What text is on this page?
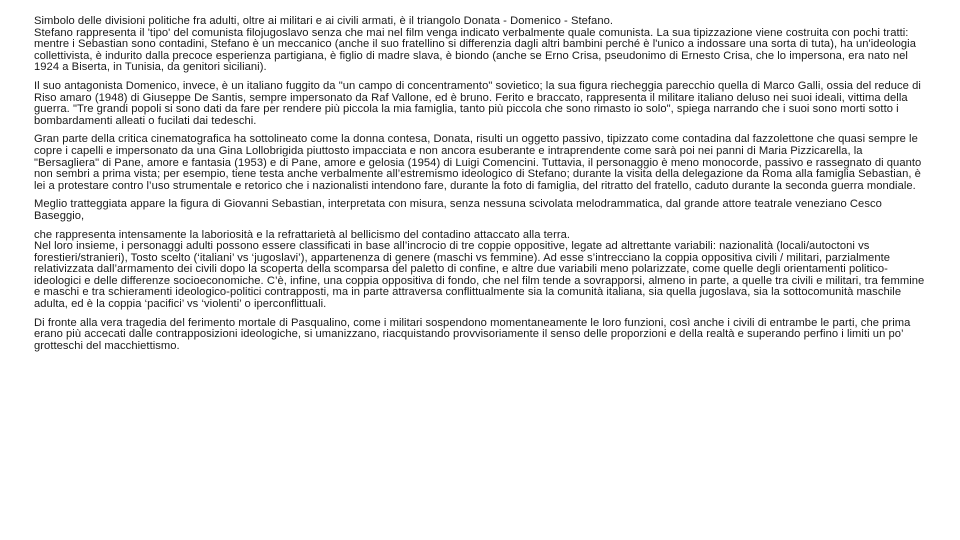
Simbolo delle divisioni politiche fra adulti, oltre ai militari e ai civili armati, è il triangolo Donata - Domenico - Stefano.
Stefano rappresenta il 'tipo' del comunista filojugoslavo senza che mai nel film venga indicato verbalmente quale comunista. La sua tipizzazione viene costruita con pochi tratti: mentre i Sebastian sono contadini, Stefano è un meccanico (anche il suo fratellino si differenzia dagli altri bambini perché è l'unico a indossare una sorta di tuta), ha un'ideologia collettivista, è indurito dalla precoce esperienza partigiana, è figlio di madre slava, è biondo (anche se Erno Crisa, pseudonimo di Ernesto Crisa, che lo impersona, era nato nel 1924 a Biserta, in Tunisia, da genitori siciliani).

Il suo antagonista Domenico, invece, è un italiano fuggito da "un campo di concentramento" sovietico; la sua figura riecheggia parecchio quella di Marco Galli, ossia del reduce di Riso amaro (1948) di Giuseppe De Santis, sempre impersonato da Raf Vallone, ed è bruno. Ferito e braccato, rappresenta il militare italiano deluso nei suoi ideali, vittima della guerra. "Tre grandi popoli si sono dati da fare per rendere più piccola la mia famiglia, tanto più piccola che sono rimasto io solo", spiega narrando che i suoi sono morti sotto i bombardamenti alleati o fucilati dai tedeschi.

Gran parte della critica cinematografica ha sottolineato come la donna contesa, Donata, risulti un oggetto passivo, tipizzato come contadina dal fazzolettone che quasi sempre le copre i capelli e impersonato da una Gina Lollobrigida piuttosto impacciata e non ancora esuberante e intraprendente come sarà poi nei panni di Maria Pizzicarella, la "Bersagliera" di Pane, amore e fantasia (1953) e di Pane, amore e gelosia (1954) di Luigi Comencini. Tuttavia, il personaggio è meno monocorde, passivo e rassegnato di quanto non sembri a prima vista; per esempio, tiene testa anche verbalmente all’estremismo ideologico di Stefano; durante la visita della delegazione da Roma alla famiglia Sebastian, è lei a protestare contro l’uso strumentale e retorico che i nazionalisti intendono fare, durante la foto di famiglia, del ritratto del fratello, caduto durante la seconda guerra mondiale.

Meglio tratteggiata appare la figura di Giovanni Sebastian, interpretata con misura, senza nessuna scivolata melodrammatica, dal grande attore teatrale veneziano Cesco Baseggio,

che rappresenta intensamente la laboriosità e la refrattarietà al bellicismo del contadino attaccato alla terra.
Nel loro insieme, i personaggi adulti possono essere classificati in base all’incrocio di tre coppie oppositive, legate ad altrettante variabili: nazionalità (locali/autoctoni vs forestieri/stranieri), Tosto scelto (‘italiani’ vs ‘jugoslavi’), appartenenza di genere (maschi vs femmine). Ad esse s’intrecciano la coppia oppositiva civili / militari, parzialmente relativizzata dall’armamento dei civili dopo la scoperta della scomparsa del paletto di confine, e altre due variabili meno polarizzate, come quelle degli orientamenti politico- ideologici e delle differenze socioeconomiche. C’è, infine, una coppia oppositiva di fondo, che nel film tende a sovrapporsi, almeno in parte, a quelle tra civili e militari, tra femmine e maschi e tra schieramenti ideologico-politici contrapposti, ma in parte attraversa conflittualmente sia la comunità italiana, sia quella jugoslava, sia la sottocomunità maschile adulta, ed è la coppia ‘pacifici’ vs ‘violenti’ o iperconflittuali.

Di fronte alla vera tragedia del ferimento mortale di Pasqualino, come i militari sospendono momentaneamente le loro funzioni, così anche i civili di entrambe le parti, che prima erano più accecati dalle contrapposizioni ideologiche, si umanizzano, riacquistando provvisoriamente il senso delle proporzioni e della realtà e superando perfino i limiti un po’ grotteschi del macchiettismo.
